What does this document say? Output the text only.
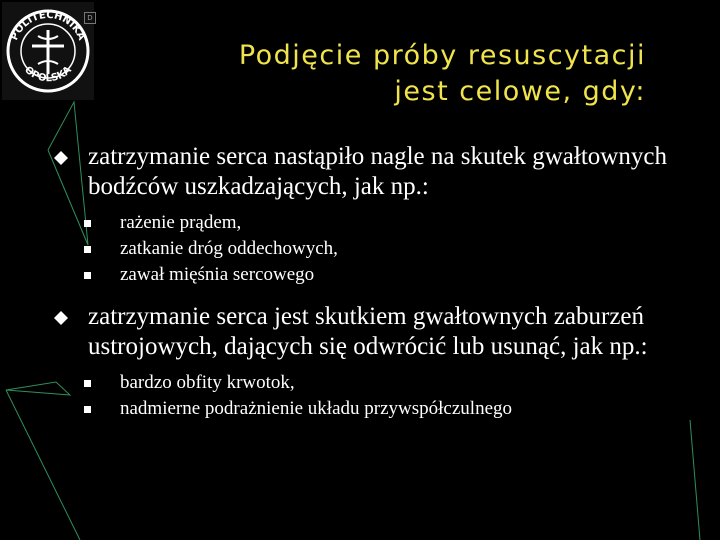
POLITECHNIKA
OPOLSKA
D
Podjęcie próby resuscytacji
jest celowe, gdy:
zatrzymanie serca nastąpiło nagle na skutek gwałtownych bodźców uszkadzających, jak np.:
rażenie prądem,
zatkanie dróg oddechowych,
zawał mięśnia sercowego
zatrzymanie serca jest skutkiem gwałtownych zaburzeń ustrojowych, dających się odwrócić lub usunąć, jak np.:
bardzo obfity krwotok,
nadmierne podrażnienie układu przywspółczulnego
